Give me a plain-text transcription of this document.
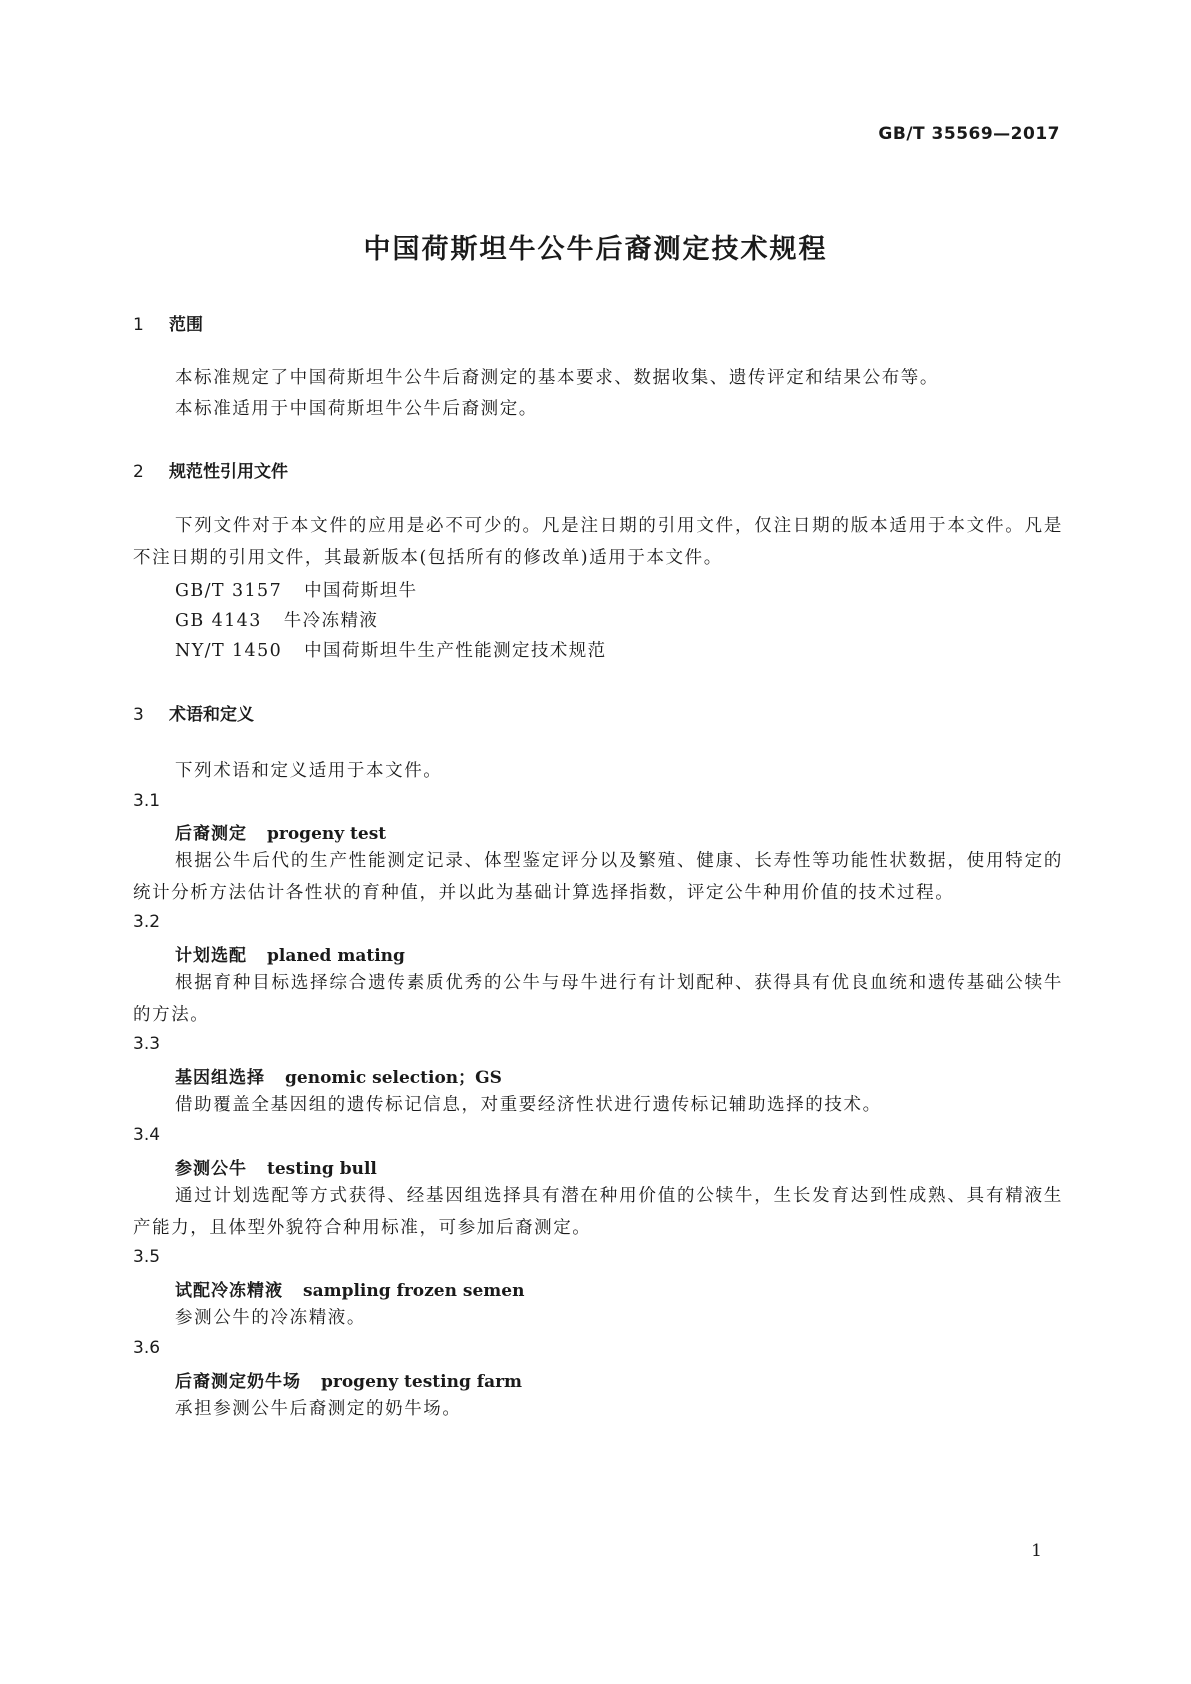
GB/T 35569—2017
中国荷斯坦牛公牛后裔测定技术规程
1 范围

本标准规定了中国荷斯坦牛公牛后裔测定的基本要求、数据收集、遗传评定和结果公布等。

本标准适用于中国荷斯坦牛公牛后裔测定。

2 规范性引用文件

下列文件对于本文件的应用是必不可少的。凡是注日期的引用文件，仅注日期的版本适用于本文件。凡是不注日期的引用文件，其最新版本(包括所有的修改单)适用于本文件。

GB/T 3157 中国荷斯坦牛
GB 4143 牛冷冻精液
NY/T 1450 中国荷斯坦牛生产性能测定技术规范
3 术语和定义

下列术语和定义适用于本文件。

3.1
后裔测定 progeny test

根据公牛后代的生产性能测定记录、体型鉴定评分以及繁殖、健康、长寿性等功能性状数据，使用特定的统计分析方法估计各性状的育种值，并以此为基础计算选择指数，评定公牛种用价值的技术过程。

3.2
计划选配 planed mating

根据育种目标选择综合遗传素质优秀的公牛与母牛进行有计划配种、获得具有优良血统和遗传基础公犊牛的方法。

3.3
基因组选择 genomic selection；GS

借助覆盖全基因组的遗传标记信息，对重要经济性状进行遗传标记辅助选择的技术。

3.4
参测公牛 testing bull

通过计划选配等方式获得、经基因组选择具有潜在种用价值的公犊牛，生长发育达到性成熟、具有精液生产能力，且体型外貌符合种用标准，可参加后裔测定。

3.5
试配冷冻精液 sampling frozen semen

参测公牛的冷冻精液。

3.6
后裔测定奶牛场 progeny testing farm

承担参测公牛后裔测定的奶牛场。

1
